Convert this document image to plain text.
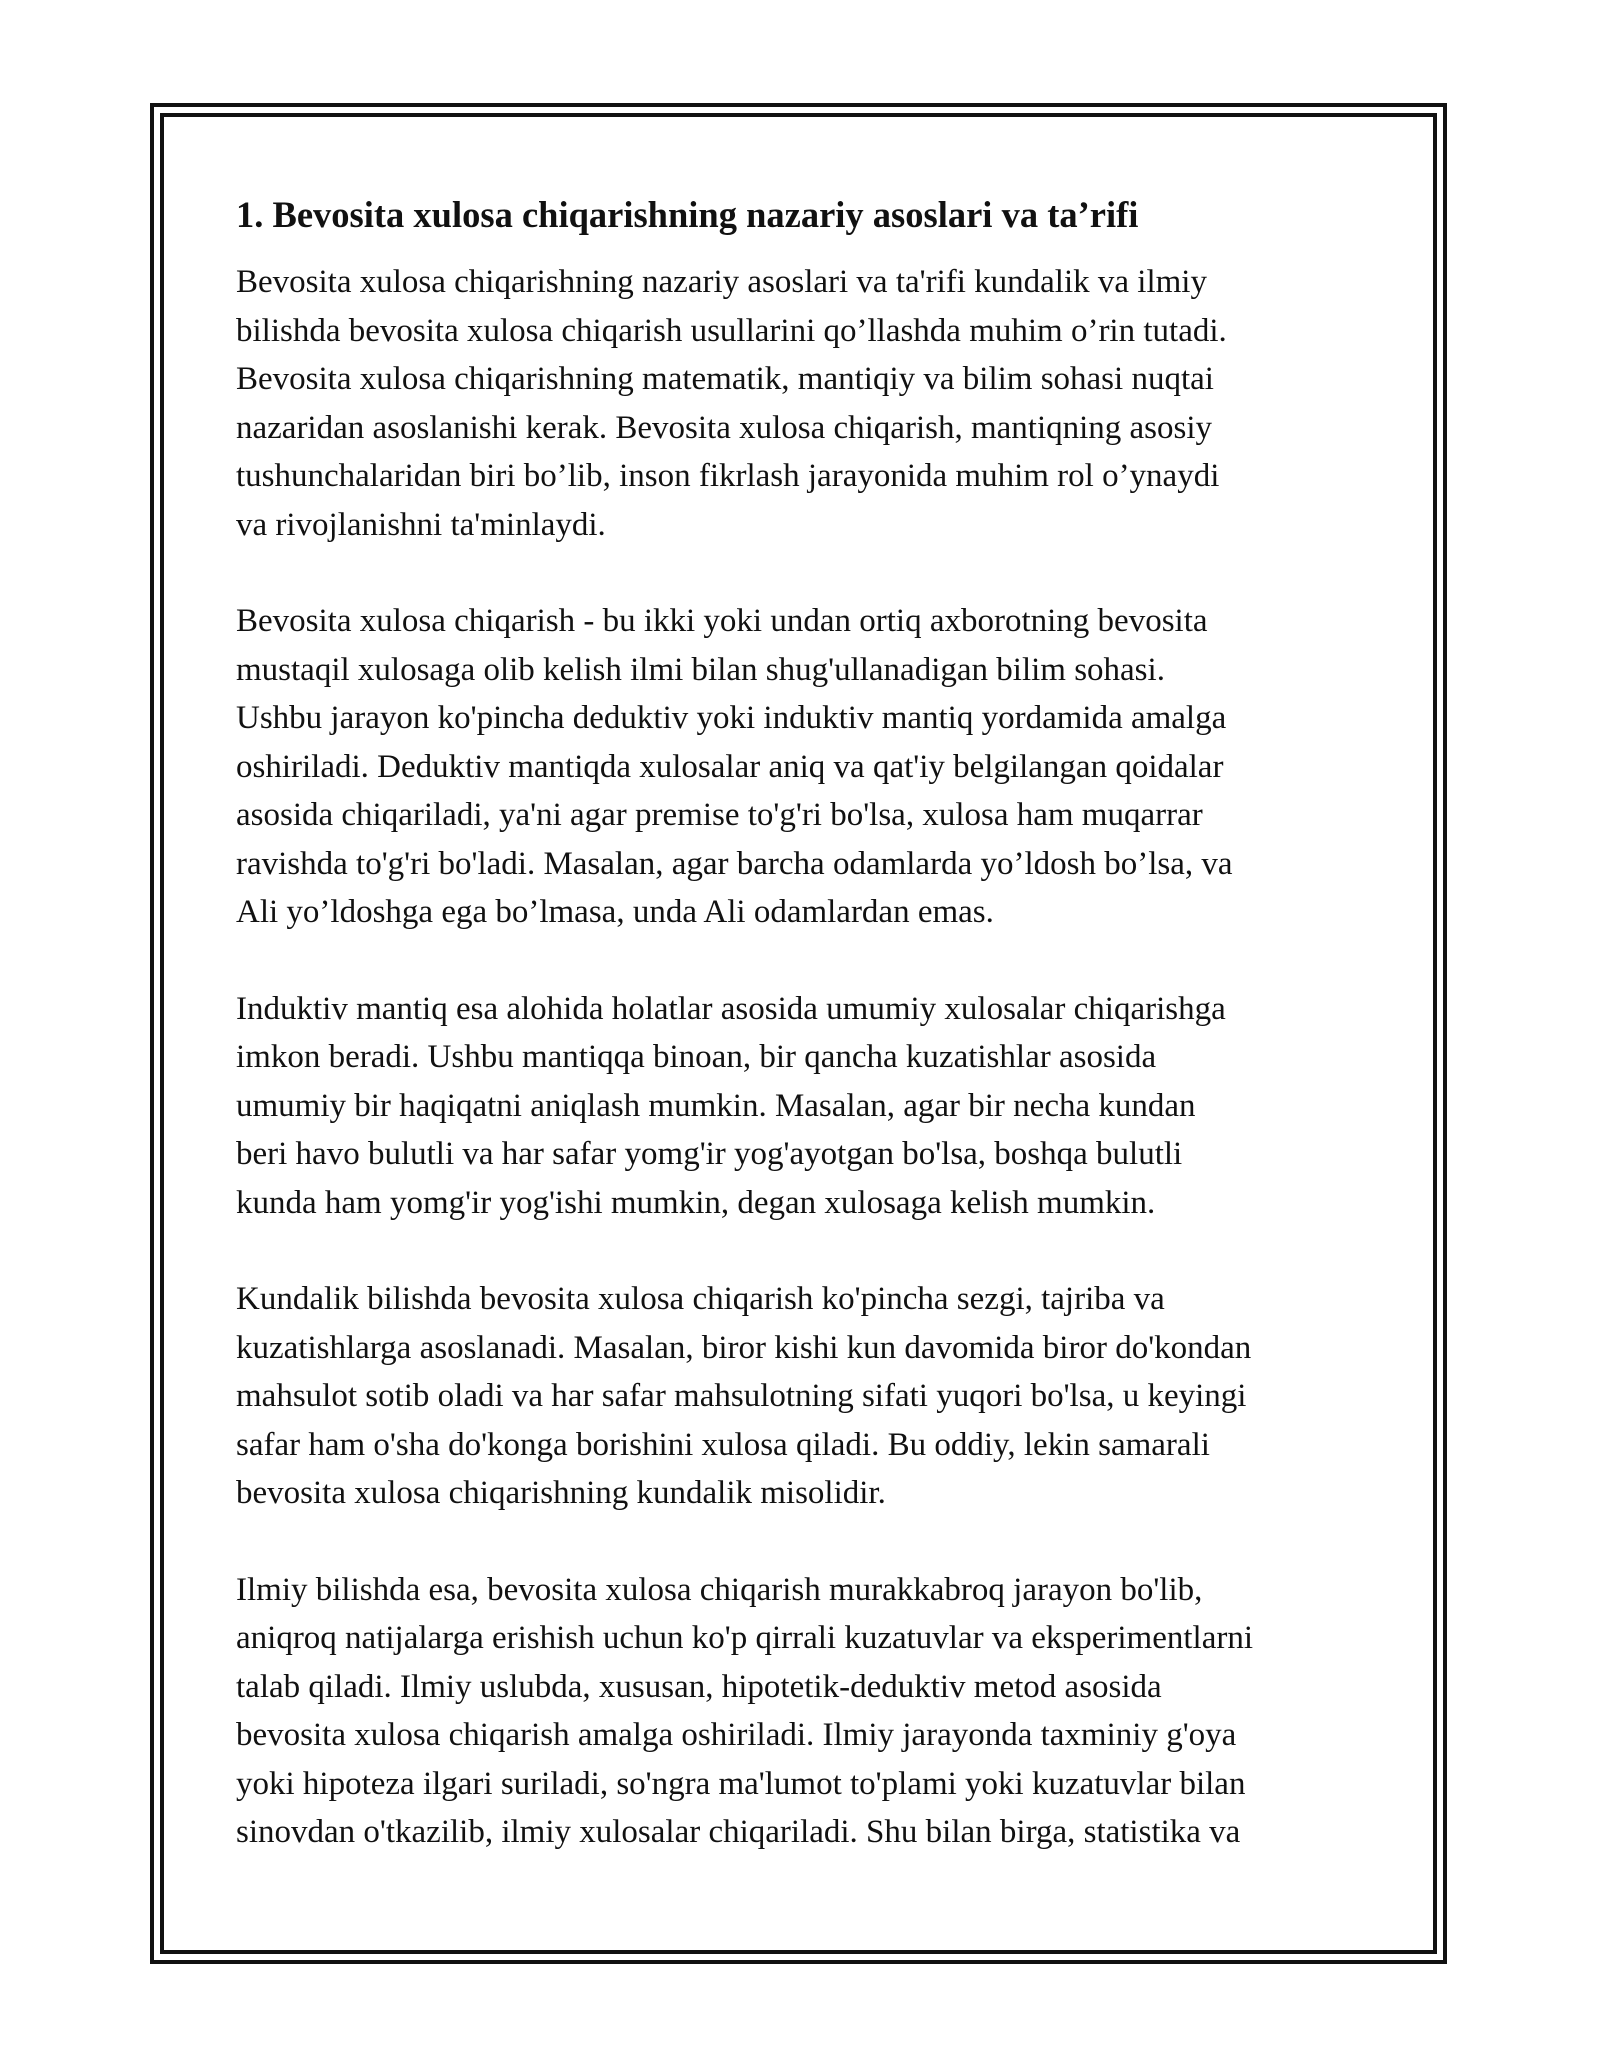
1. Bevosita xulosa chiqarishning nazariy asoslari va ta’rifi
Bevosita xulosa chiqarishning nazariy asoslari va ta'rifi kundalik va ilmiy
bilishda bevosita xulosa chiqarish usullarini qo’llashda muhim o’rin tutadi.
Bevosita xulosa chiqarishning matematik, mantiqiy va bilim sohasi nuqtai
nazaridan asoslanishi kerak. Bevosita xulosa chiqarish, mantiqning asosiy
tushunchalaridan biri bo’lib, inson fikrlash jarayonida muhim rol o’ynaydi
va rivojlanishni ta'minlaydi.
Bevosita xulosa chiqarish - bu ikki yoki undan ortiq axborotning bevosita
mustaqil xulosaga olib kelish ilmi bilan shug'ullanadigan bilim sohasi.
Ushbu jarayon ko'pincha deduktiv yoki induktiv mantiq yordamida amalga
oshiriladi. Deduktiv mantiqda xulosalar aniq va qat'iy belgilangan qoidalar
asosida chiqariladi, ya'ni agar premise to'g'ri bo'lsa, xulosa ham muqarrar
ravishda to'g'ri bo'ladi. Masalan, agar barcha odamlarda yo’ldosh bo’lsa, va
Ali yo’ldoshga ega bo’lmasa, unda Ali odamlardan emas.
Induktiv mantiq esa alohida holatlar asosida umumiy xulosalar chiqarishga
imkon beradi. Ushbu mantiqqa binoan, bir qancha kuzatishlar asosida
umumiy bir haqiqatni aniqlash mumkin. Masalan, agar bir necha kundan
beri havo bulutli va har safar yomg'ir yog'ayotgan bo'lsa, boshqa bulutli
kunda ham yomg'ir yog'ishi mumkin, degan xulosaga kelish mumkin.
Kundalik bilishda bevosita xulosa chiqarish ko'pincha sezgi, tajriba va
kuzatishlarga asoslanadi. Masalan, biror kishi kun davomida biror do'kondan
mahsulot sotib oladi va har safar mahsulotning sifati yuqori bo'lsa, u keyingi
safar ham o'sha do'konga borishini xulosa qiladi. Bu oddiy, lekin samarali
bevosita xulosa chiqarishning kundalik misolidir.
Ilmiy bilishda esa, bevosita xulosa chiqarish murakkabroq jarayon bo'lib,
aniqroq natijalarga erishish uchun ko'p qirrali kuzatuvlar va eksperimentlarni
talab qiladi. Ilmiy uslubda, xususan, hipotetik-deduktiv metod asosida
bevosita xulosa chiqarish amalga oshiriladi. Ilmiy jarayonda taxminiy g'oya
yoki hipoteza ilgari suriladi, so'ngra ma'lumot to'plami yoki kuzatuvlar bilan
sinovdan o'tkazilib, ilmiy xulosalar chiqariladi. Shu bilan birga, statistika va
